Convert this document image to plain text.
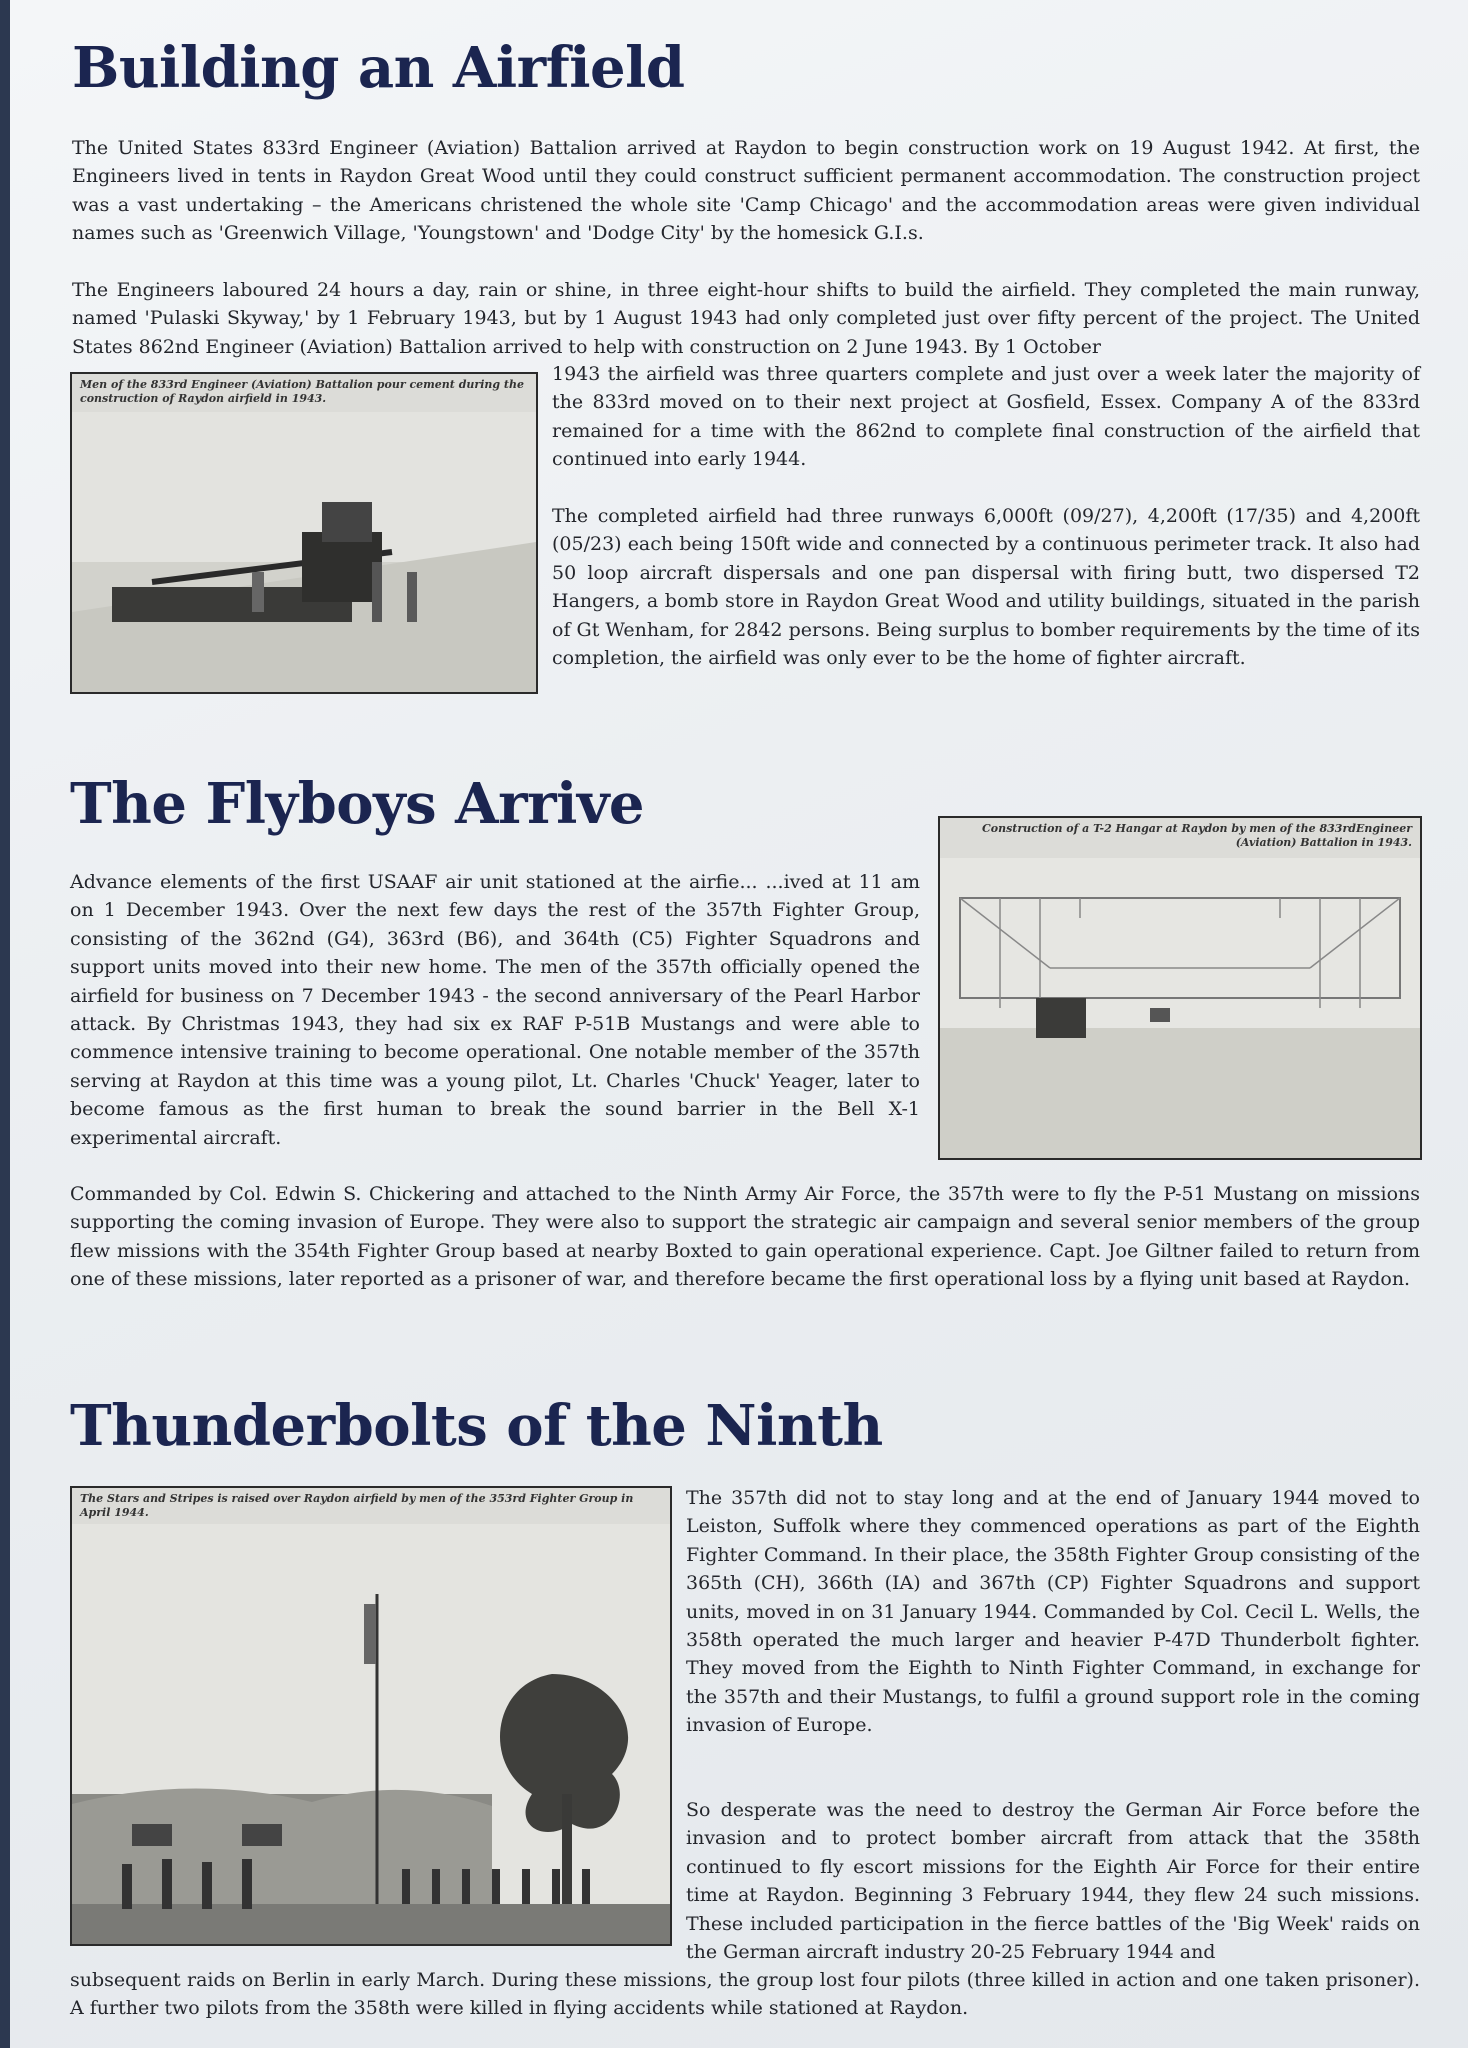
Building an Airfield

The United States 833rd Engineer (Aviation) Battalion arrived at Raydon to begin construction work on 19 August 1942. At first, the Engineers lived in tents in Raydon Great Wood until they could construct sufficient permanent accommodation. The construction project was a vast undertaking – the Americans christened the whole site 'Camp Chicago' and the accommodation areas were given individual names such as 'Greenwich Village, 'Youngstown' and 'Dodge City' by the homesick G.I.s.

The Engineers laboured 24 hours a day, rain or shine, in three eight-hour shifts to build the airfield. They completed the main runway, named 'Pulaski Skyway,' by 1 February 1943, but by 1 August 1943 had only completed just over fifty percent of the project. The United States 862nd Engineer (Aviation) Battalion arrived to help with construction on 2 June 1943. By 1 October

Men of the 833rd Engineer (Aviation) Battalion pour cement during the construction of Raydon airfield in 1943.

1943 the airfield was three quarters complete and just over a week later the majority of the 833rd moved on to their next project at Gosfield, Essex. Company A of the 833rd remained for a time with the 862nd to complete final construction of the airfield that continued into early 1944.

The completed airfield had three runways 6,000ft (09/27), 4,200ft (17/35) and 4,200ft (05/23) each being 150ft wide and connected by a continuous perimeter track. It also had 50 loop aircraft dispersals and one pan dispersal with firing butt, two dispersed T2 Hangers, a bomb store in Raydon Great Wood and utility buildings, situated in the parish of Gt Wenham, for 2842 persons. Being surplus to bomber requirements by the time of its completion, the airfield was only ever to be the home of fighter aircraft.

The Flyboys Arrive	Construction of a T-2 Hangar at Raydon by men of the 833rdEngineer (Aviation) Battalion in 1943.

Advance elements of the first USAAF air unit stationed at the airfie... ...ived at 11 am on 1 December 1943. Over the next few days the rest of the 357th Fighter Group, consisting of the 362nd (G4), 363rd (B6), and 364th (C5) Fighter Squadrons and support units moved into their new home. The men of the 357th officially opened the airfield for business on 7 December 1943 - the second anniversary of the Pearl Harbor attack. By Christmas 1943, they had six ex RAF P-51B Mustangs and were able to commence intensive training to become operational. One notable member of the 357th serving at Raydon at this time was a young pilot, Lt. Charles 'Chuck' Yeager, later to become famous as the first human to break the sound barrier in the Bell X-1 experimental aircraft.

Commanded by Col. Edwin S. Chickering and attached to the Ninth Army Air Force, the 357th were to fly the P-51 Mustang on missions supporting the coming invasion of Europe. They were also to support the strategic air campaign and several senior members of the group flew missions with the 354th Fighter Group based at nearby Boxted to gain operational experience. Capt. Joe Giltner failed to return from one of these missions, later reported as a prisoner of war, and therefore became the first operational loss by a flying unit based at Raydon.

Thunderbolts of the Ninth
The Stars and Stripes is raised over Raydon airfield by men of the 353rd Fighter Group in April 1944.

The 357th did not to stay long and at the end of January 1944 moved to Leiston, Suffolk where they commenced operations as part of the Eighth Fighter Command. In their place, the 358th Fighter Group consisting of the 365th (CH), 366th (IA) and 367th (CP) Fighter Squadrons and support units, moved in on 31 January 1944. Commanded by Col. Cecil L. Wells, the 358th operated the much larger and heavier P-47D Thunderbolt fighter. They moved from the Eighth to Ninth Fighter Command, in exchange for the 357th and their Mustangs, to fulfil a ground support role in the coming invasion of Europe.

So desperate was the need to destroy the German Air Force before the invasion and to protect bomber aircraft from attack that the 358th continued to fly escort missions for the Eighth Air Force for their entire time at Raydon. Beginning 3 February 1944, they flew 24 such missions. These included participation in the fierce battles of the 'Big Week' raids on the German aircraft industry 20-25 February 1944 and

subsequent raids on Berlin in early March. During these missions, the group lost four pilots (three killed in action and one taken prisoner). A further two pilots from the 358th were killed in flying accidents while stationed at Raydon.
